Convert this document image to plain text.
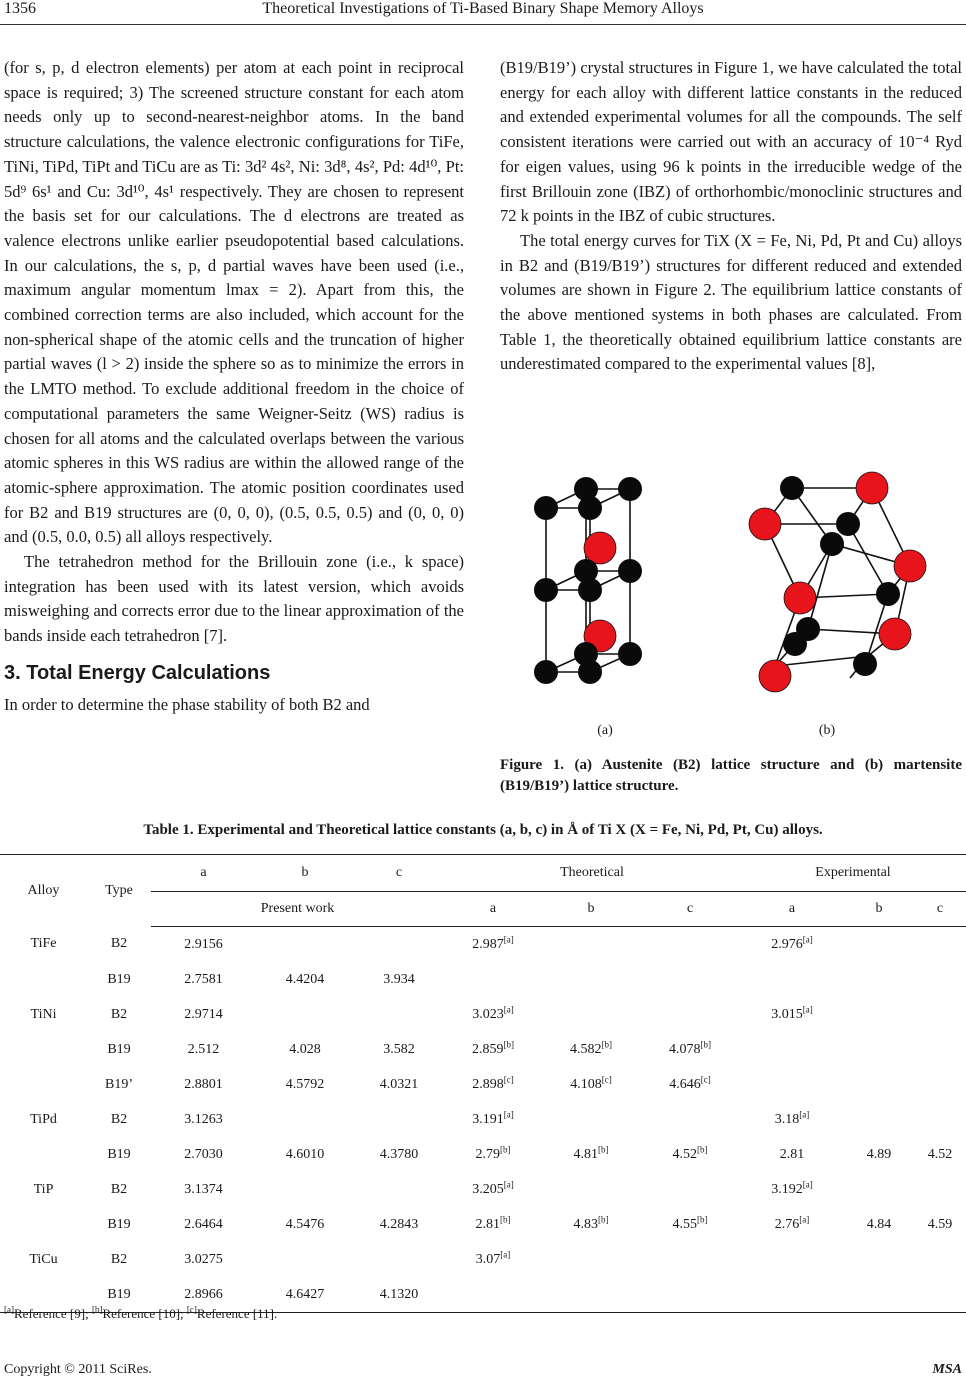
1356	Theoretical Investigations of Ti-Based Binary Shape Memory Alloys

(for s, p, d electron elements) per atom at each point in reciprocal space is required; 3) The screened structure constant for each atom needs only up to second-nearest-neighbor atoms. In the band structure calculations, the valence electronic configurations for TiFe, TiNi, TiPd, TiPt and TiCu are as Ti: 3d² 4s², Ni: 3d⁸, 4s², Pd: 4d¹⁰, Pt: 5d⁹ 6s¹ and Cu: 3d¹⁰, 4s¹ respectively. They are chosen to represent the basis set for our calculations. The d electrons are treated as valence electrons unlike earlier pseudopotential based calculations. In our calculations, the s, p, d partial waves have been used (i.e., maximum angular momentum lmax = 2). Apart from this, the combined correction terms are also included, which account for the non-spherical shape of the atomic cells and the truncation of higher partial waves (l > 2) inside the sphere so as to minimize the errors in the LMTO method. To exclude additional freedom in the choice of computational parameters the same Weigner-Seitz (WS) radius is chosen for all atoms and the calculated overlaps between the various atomic spheres in this WS radius are within the allowed range of the atomic-sphere approximation. The atomic position coordinates used for B2 and B19 structures are (0, 0, 0), (0.5, 0.5, 0.5) and (0, 0, 0) and (0.5, 0.0, 0.5) all alloys respectively.

The tetrahedron method for the Brillouin zone (i.e., k space) integration has been used with its latest version, which avoids misweighing and corrects error due to the linear approximation of the bands inside each tetrahedron [7].

3. Total Energy Calculations

In order to determine the phase stability of both B2 and

(B19/B19’) crystal structures in Figure 1, we have calculated the total energy for each alloy with different lattice constants in the reduced and extended experimental volumes for all the compounds. The self consistent iterations were carried out with an accuracy of 10⁻⁴ Ryd for eigen values, using 96 k points in the irreducible wedge of the first Brillouin zone (IBZ) of orthorhombic/monoclinic structures and 72 k points in the IBZ of cubic structures.

The total energy curves for TiX (X = Fe, Ni, Pd, Pt and Cu) alloys in B2 and (B19/B19’) structures for different reduced and extended volumes are shown in Figure 2. The equilibrium lattice constants of the above mentioned systems in both phases are calculated. From Table 1, the theoretically obtained equilibrium lattice constants are underestimated compared to the experimental values [8],

(a)	(b)
Figure 1. (a) Austenite (B2) lattice structure and (b) martensite (B19/B19’) lattice structure.
Table 1. Experimental and Theoretical lattice constants (a, b, c) in Å of Ti X (X = Fe, Ni, Pd, Pt, Cu) alloys.
Alloy	Type	a	b	c	Theoretical			Experimental		
		Present work			a	b	c	a	b	c
TiFe	B2	2.9156			2.987[a]			2.976[a]		
	B19	2.7581	4.4204	3.934						
TiNi	B2	2.9714			3.023[a]			3.015[a]		
	B19	2.512	4.028	3.582	2.859[b]	4.582[b]	4.078[b]			
	B19’	2.8801	4.5792	4.0321	2.898[c]	4.108[c]	4.646[c]			
TiPd	B2	3.1263			3.191[a]			3.18[a]		
	B19	2.7030	4.6010	4.3780	2.79[b]	4.81[b]	4.52[b]	2.81	4.89	4.52
TiP	B2	3.1374			3.205[a]			3.192[a]		
	B19	2.6464	4.5476	4.2843	2.81[b]	4.83[b]	4.55[b]	2.76[a]	4.84	4.59
TiCu	B2	3.0275			3.07[a]					
	B19	2.8966	4.6427	4.1320						
[a]Reference [9]; [b]Reference [10]; [c]Reference [11].
Copyright © 2011 SciRes.	MSA
